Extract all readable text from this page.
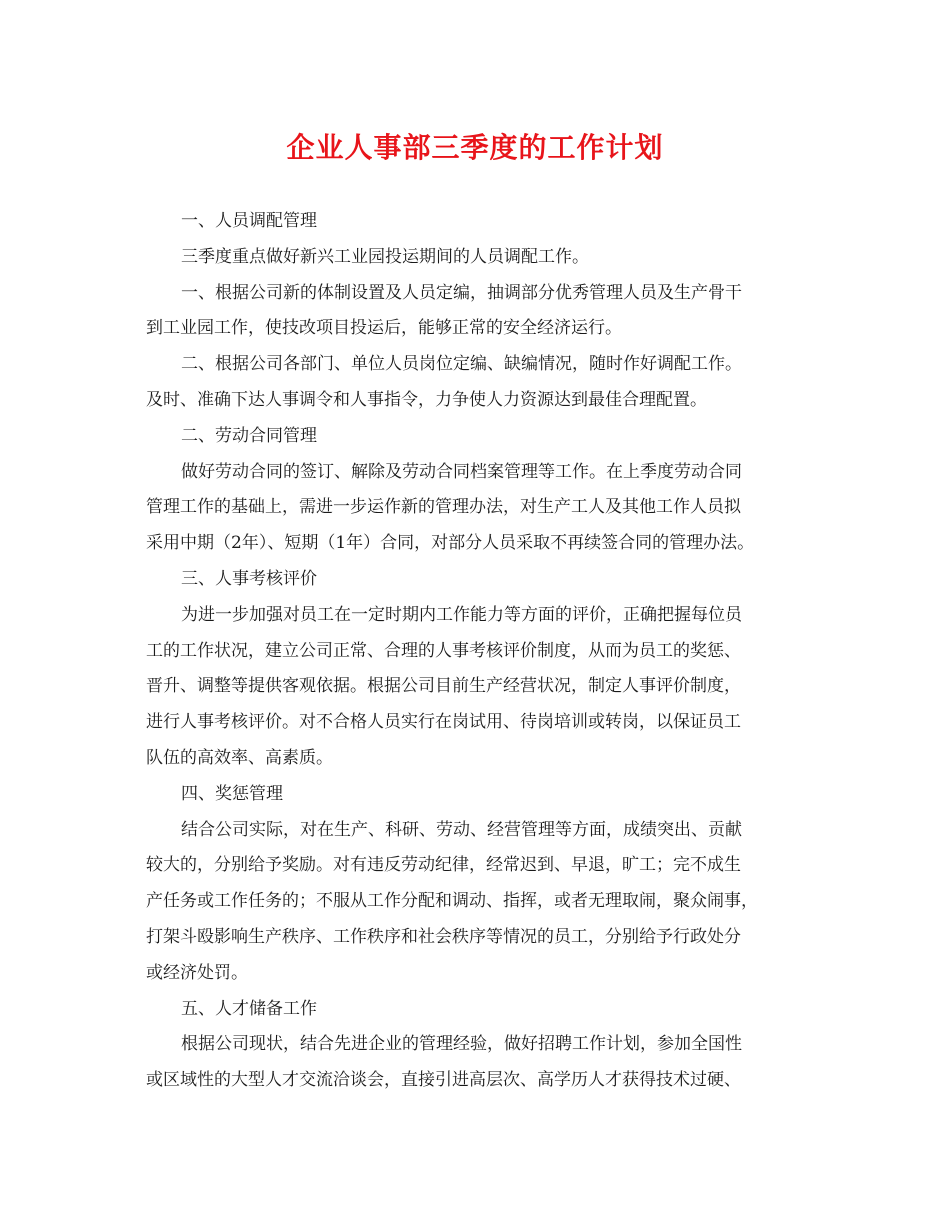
企业人事部三季度的工作计划
一、人员调配管理
三季度重点做好新兴工业园投运期间的人员调配工作。
一、根据公司新的体制设置及人员定编，抽调部分优秀管理人员及生产骨干
到工业园工作，使技改项目投运后，能够正常的安全经济运行。
二、根据公司各部门、单位人员岗位定编、缺编情况，随时作好调配工作。
及时、准确下达人事调令和人事指令，力争使人力资源达到最佳合理配置。
二、劳动合同管理
做好劳动合同的签订、解除及劳动合同档案管理等工作。在上季度劳动合同
管理工作的基础上，需进一步运作新的管理办法，对生产工人及其他工作人员拟
采用中期（2年）、短期（1年）合同，对部分人员采取不再续签合同的管理办法。
三、人事考核评价
为进一步加强对员工在一定时期内工作能力等方面的评价，正确把握每位员
工的工作状况，建立公司正常、合理的人事考核评价制度，从而为员工的奖惩、
晋升、调整等提供客观依据。根据公司目前生产经营状况，制定人事评价制度，
进行人事考核评价。对不合格人员实行在岗试用、待岗培训或转岗，以保证员工
队伍的高效率、高素质。
四、奖惩管理
结合公司实际，对在生产、科研、劳动、经营管理等方面，成绩突出、贡献
较大的，分别给予奖励。对有违反劳动纪律，经常迟到、早退，旷工；完不成生
产任务或工作任务的；不服从工作分配和调动、指挥，或者无理取闹，聚众闹事，
打架斗殴影响生产秩序、工作秩序和社会秩序等情况的员工，分别给予行政处分
或经济处罚。
五、人才储备工作
根据公司现状，结合先进企业的管理经验，做好招聘工作计划，参加全国性
或区域性的大型人才交流洽谈会，直接引进高层次、高学历人才获得技术过硬、
